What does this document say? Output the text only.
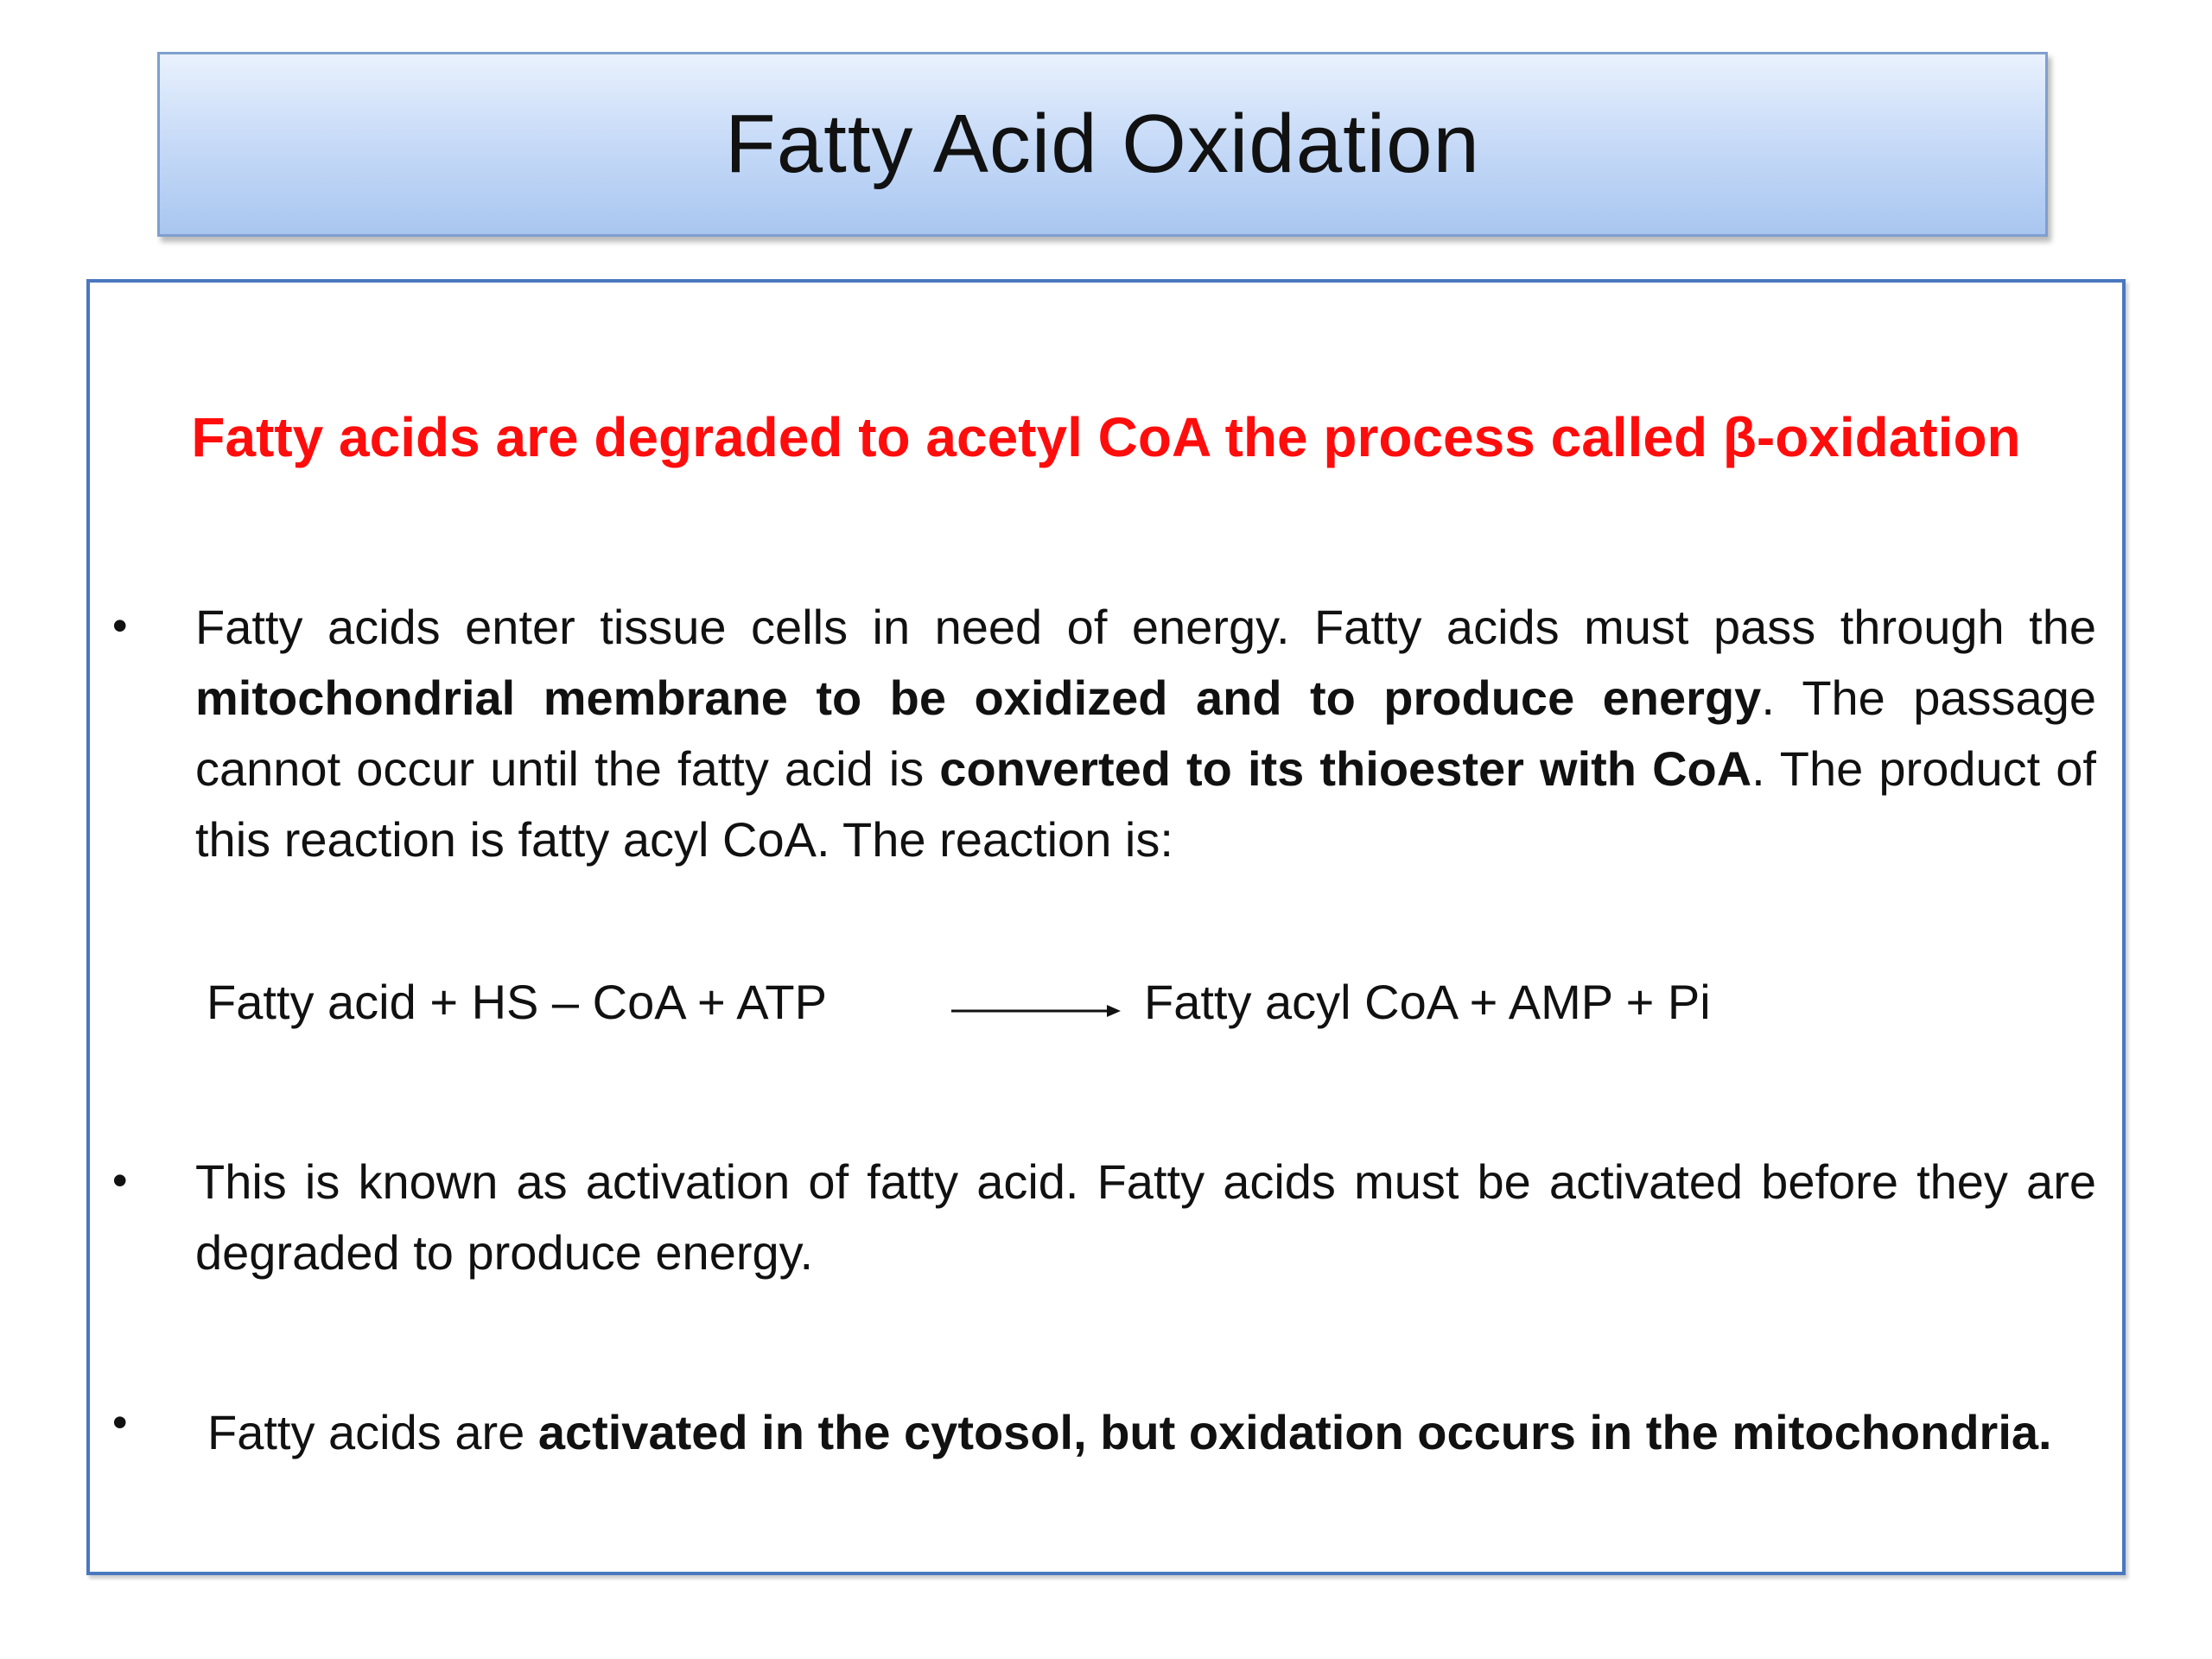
Fatty Acid Oxidation
Fatty acids are degraded to acetyl CoA the process called β-oxidation
• Fatty acids enter tissue cells in need of energy. Fatty acids must pass through the mitochondrial membrane to be oxidized and to produce energy. The passage cannot occur until the fatty acid is converted to its thioester with CoA. The product of this reaction is fatty acyl CoA. The reaction is:
Fatty acid + HS – CoA + ATP	→ Fatty acyl CoA + AMP + Pi
• This is known as activation of fatty acid. Fatty acids must be activated before they are degraded to produce energy.
• Fatty acids are activated in the cytosol, but oxidation occurs in the mitochondria.
